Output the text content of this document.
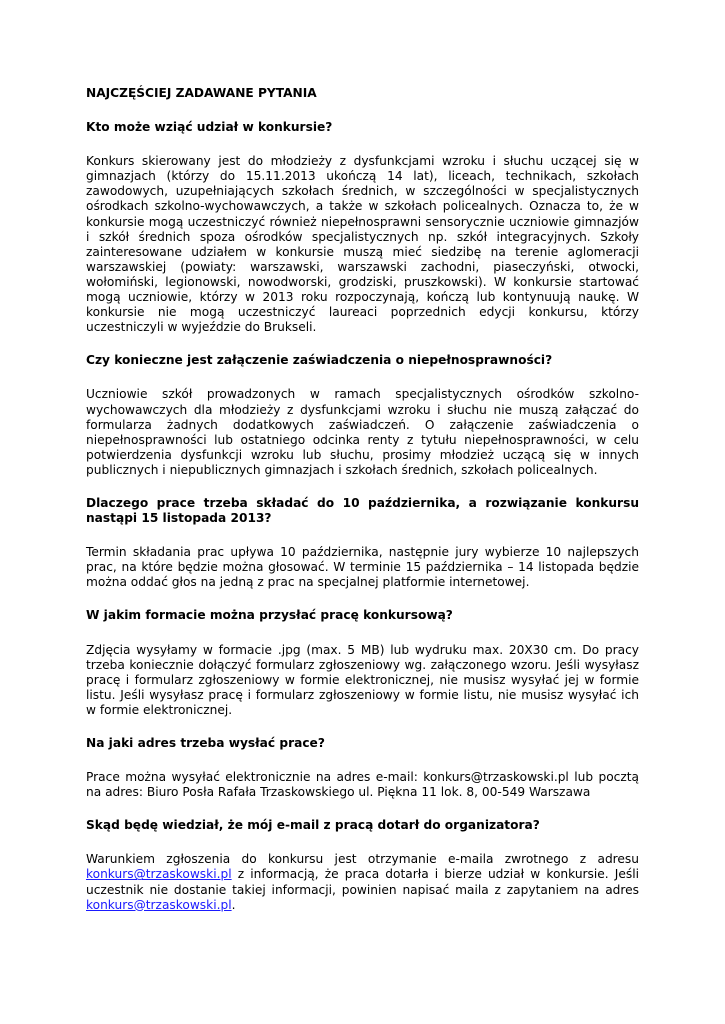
NAJCZĘŚCIEJ ZADAWANE PYTANIA
Kto może wziąć udział w konkursie?
Konkurs skierowany jest do młodzieży z dysfunkcjami wzroku i słuchu uczącej się w gimnazjach (którzy do 15.11.2013 ukończą 14 lat), liceach, technikach, szkołach zawodowych, uzupełniających szkołach średnich, w szczególności w specjalistycznych ośrodkach szkolno-wychowawczych, a także w szkołach policealnych. Oznacza to, że w konkursie mogą uczestniczyć również niepełnosprawni sensorycznie uczniowie gimnazjów i szkół średnich spoza ośrodków specjalistycznych np. szkół integracyjnych. Szkoły zainteresowane udziałem w konkursie muszą mieć siedzibę na terenie aglomeracji warszawskiej (powiaty: warszawski, warszawski zachodni, piaseczyński, otwocki, wołomiński, legionowski, nowodworski, grodziski, pruszkowski). W konkursie startować mogą uczniowie, którzy w 2013 roku rozpoczynają, kończą lub kontynuują naukę. W konkursie nie mogą uczestniczyć laureaci poprzednich edycji konkursu, którzy uczestniczyli w wyjeździe do Brukseli.
Czy konieczne jest załączenie zaświadczenia o niepełnosprawności?
Uczniowie szkół prowadzonych w ramach specjalistycznych ośrodków szkolno-wychowawczych dla młodzieży z dysfunkcjami wzroku i słuchu nie muszą załączać do formularza żadnych dodatkowych zaświadczeń. O załączenie zaświadczenia o niepełnosprawności lub ostatniego odcinka renty z tytułu niepełnosprawności, w celu potwierdzenia dysfunkcji wzroku lub słuchu, prosimy młodzież uczącą się w innych publicznych i niepublicznych gimnazjach i szkołach średnich, szkołach policealnych.
Dlaczego prace trzeba składać do 10 października, a rozwiązanie konkursu nastąpi 15 listopada 2013?
Termin składania prac upływa 10 października, następnie jury wybierze 10 najlepszych prac, na które będzie można głosować. W terminie 15 października – 14 listopada będzie można oddać głos na jedną z prac na specjalnej platformie internetowej.
W jakim formacie można przysłać pracę konkursową?
Zdjęcia wysyłamy w formacie .jpg (max. 5 MB) lub wydruku max. 20X30 cm. Do pracy trzeba koniecznie dołączyć formularz zgłoszeniowy wg. załączonego wzoru. Jeśli wysyłasz pracę i formularz zgłoszeniowy w formie elektronicznej, nie musisz wysyłać jej w formie listu. Jeśli wysyłasz pracę i formularz zgłoszeniowy w formie listu, nie musisz wysyłać ich w formie elektronicznej.
Na jaki adres trzeba wysłać prace?
Prace można wysyłać elektronicznie na adres e-mail: konkurs@trzaskowski.pl lub pocztą na adres: Biuro Posła Rafała Trzaskowskiego ul. Piękna 11 lok. 8, 00-549 Warszawa
Skąd będę wiedział, że mój e-mail z pracą dotarł do organizatora?
Warunkiem zgłoszenia do konkursu jest otrzymanie e-maila zwrotnego z adresu konkurs@trzaskowski.pl z informacją, że praca dotarła i bierze udział w konkursie. Jeśli uczestnik nie dostanie takiej informacji, powinien napisać maila z zapytaniem na adres konkurs@trzaskowski.pl.
